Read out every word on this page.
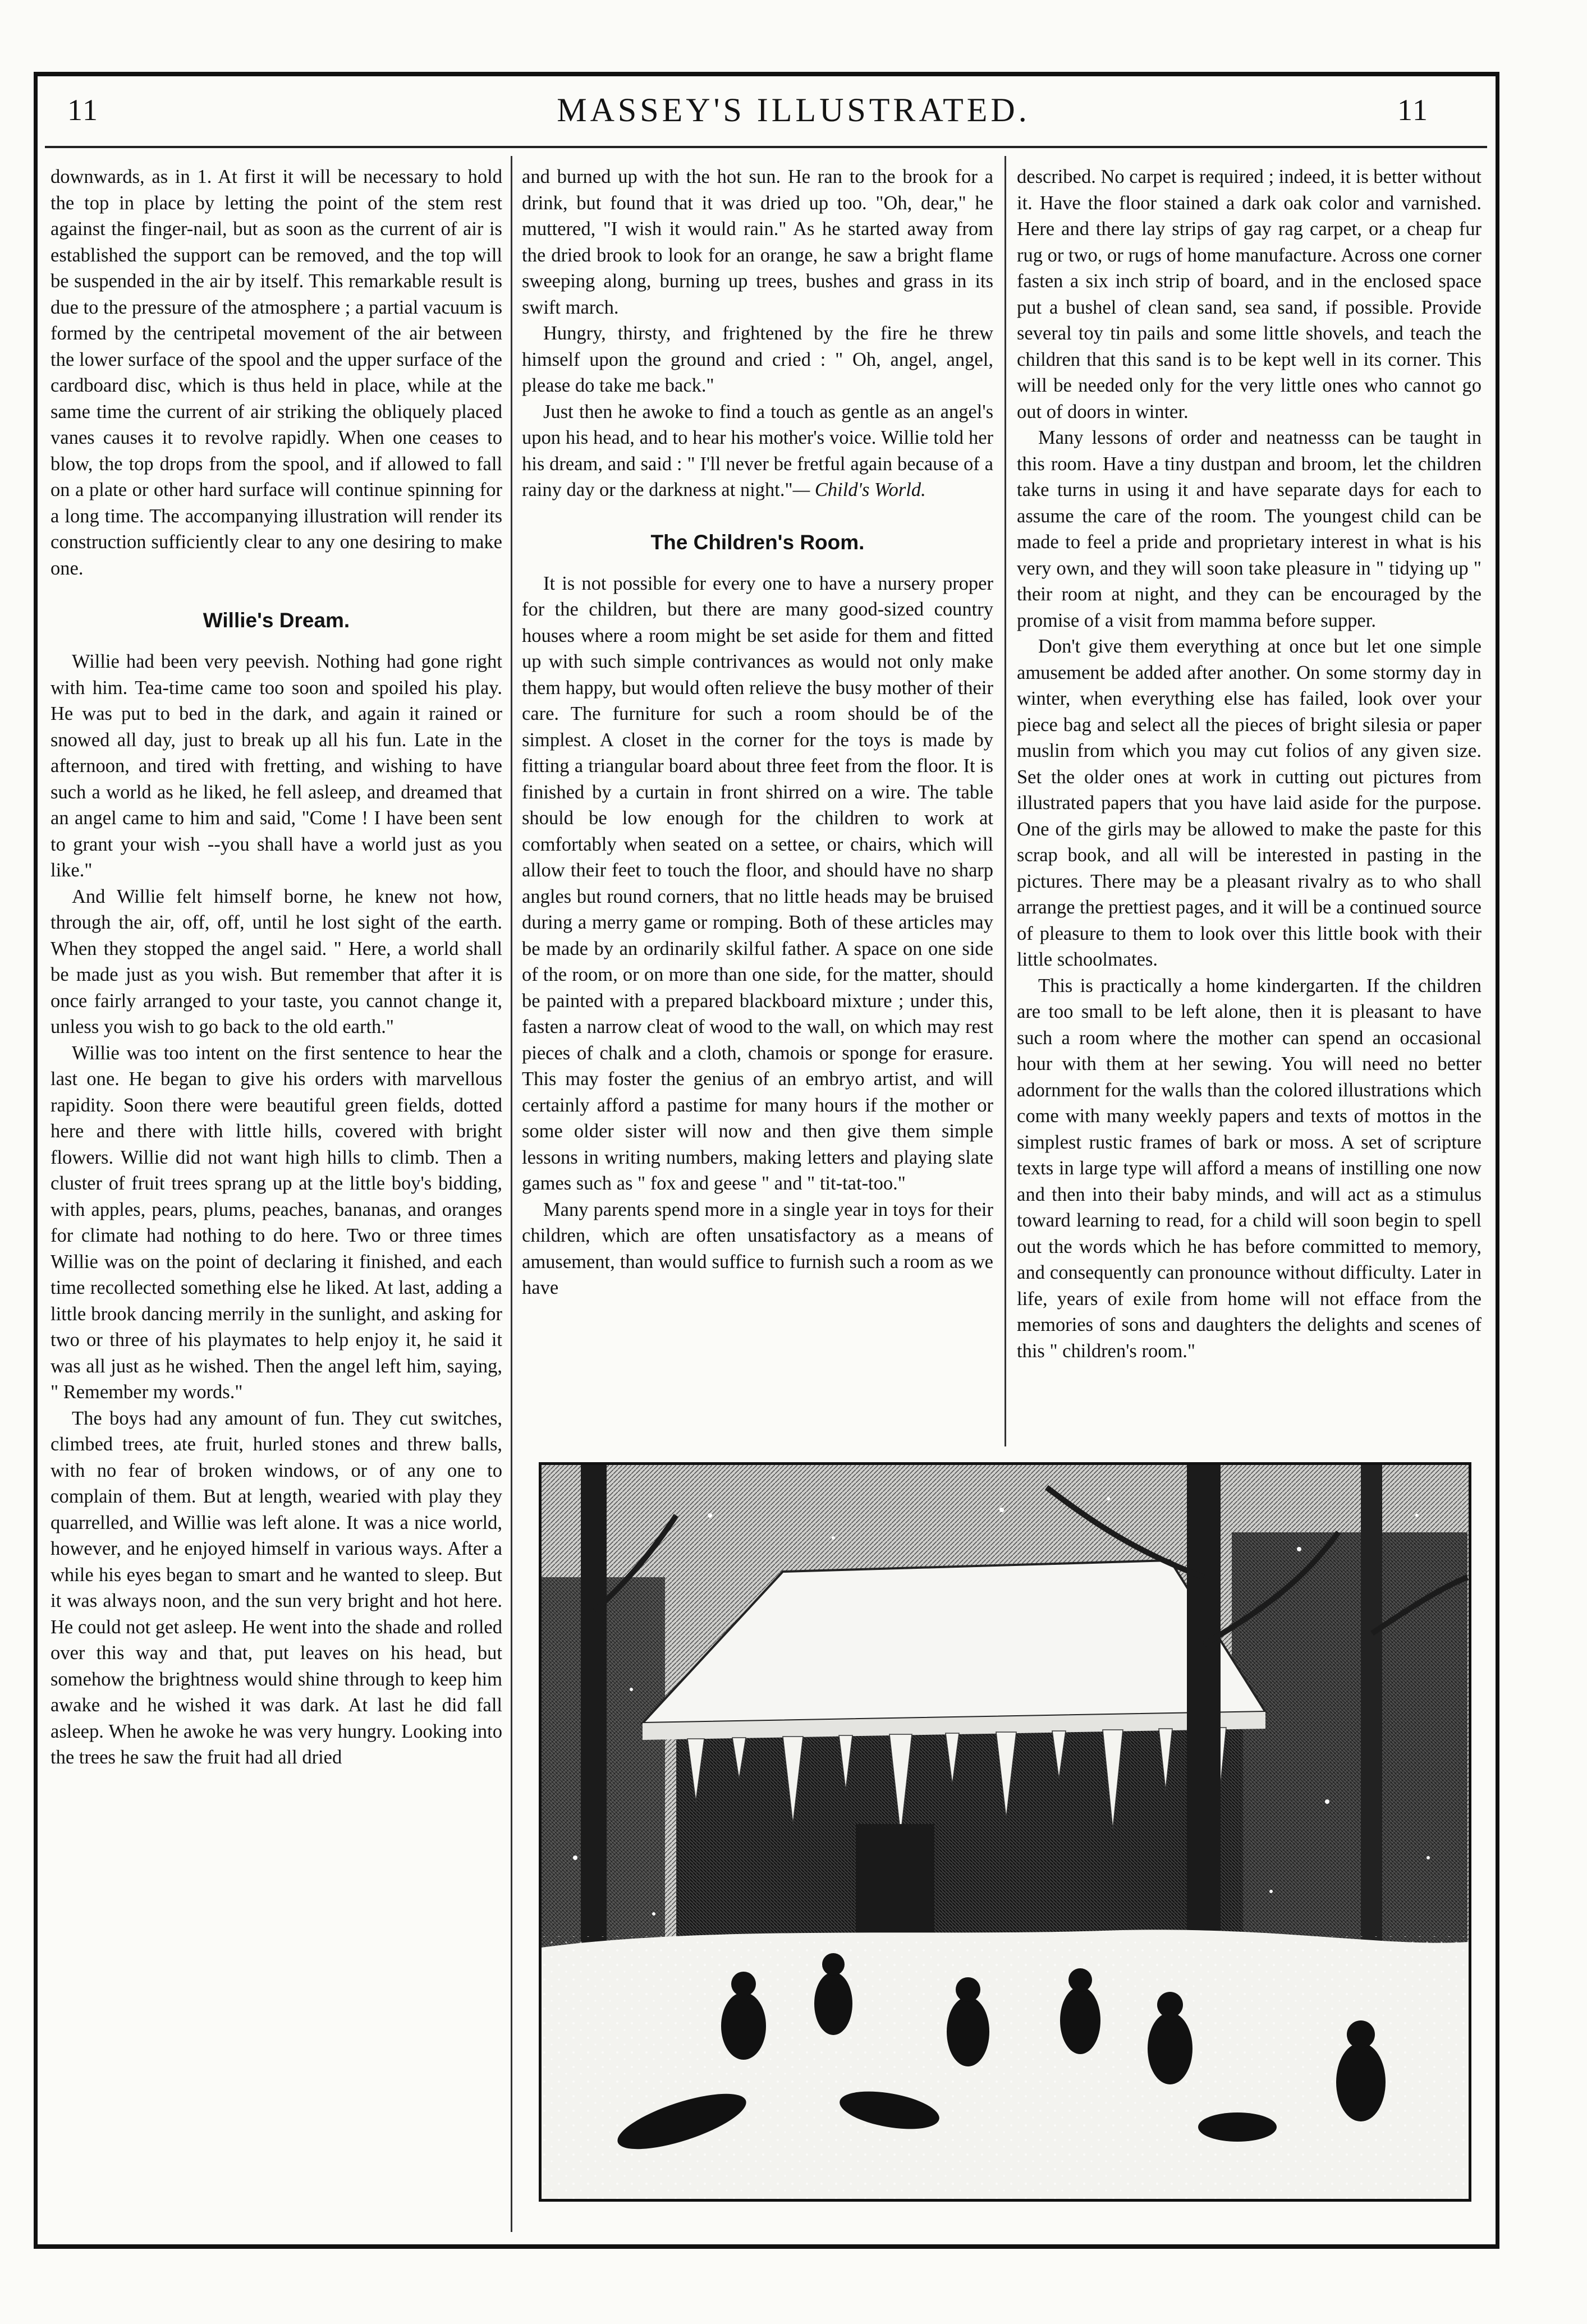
11	MASSEY'S ILLUSTRATED.	11

downwards, as in 1. At first it will be necessary to hold the top in place by letting the point of the stem rest against the finger-nail, but as soon as the current of air is established the support can be removed, and the top will be suspended in the air by itself. This remarkable result is due to the pressure of the atmosphere ; a partial vacuum is formed by the centripetal movement of the air between the lower surface of the spool and the upper surface of the cardboard disc, which is thus held in place, while at the same time the current of air striking the obliquely placed vanes causes it to revolve rapidly. When one ceases to blow, the top drops from the spool, and if allowed to fall on a plate or other hard surface will continue spinning for a long time. The accompanying illustration will render its construction sufficiently clear to any one desiring to make one.

Willie's Dream.

Willie had been very peevish. Nothing had gone right with him. Tea-time came too soon and spoiled his play. He was put to bed in the dark, and again it rained or snowed all day, just to break up all his fun. Late in the afternoon, and tired with fretting, and wishing to have such a world as he liked, he fell asleep, and dreamed that an angel came to him and said, "Come ! I have been sent to grant your wish --you shall have a world just as you like."

And Willie felt himself borne, he knew not how, through the air, off, off, until he lost sight of the earth. When they stopped the angel said. " Here, a world shall be made just as you wish. But remember that after it is once fairly arranged to your taste, you cannot change it, unless you wish to go back to the old earth."

Willie was too intent on the first sentence to hear the last one. He began to give his orders with marvellous rapidity. Soon there were beautiful green fields, dotted here and there with little hills, covered with bright flowers. Willie did not want high hills to climb. Then a cluster of fruit trees sprang up at the little boy's bidding, with apples, pears, plums, peaches, bananas, and oranges for climate had nothing to do here. Two or three times Willie was on the point of declaring it finished, and each time recollected something else he liked. At last, adding a little brook dancing merrily in the sunlight, and asking for two or three of his playmates to help enjoy it, he said it was all just as he wished. Then the angel left him, saying, " Remember my words."

The boys had any amount of fun. They cut switches, climbed trees, ate fruit, hurled stones and threw balls, with no fear of broken windows, or of any one to complain of them. But at length, wearied with play they quarrelled, and Willie was left alone. It was a nice world, however, and he enjoyed himself in various ways. After a while his eyes began to smart and he wanted to sleep. But it was always noon, and the sun very bright and hot here. He could not get asleep. He went into the shade and rolled over this way and that, put leaves on his head, but somehow the brightness would shine through to keep him awake and he wished it was dark. At last he did fall asleep. When he awoke he was very hungry. Looking into the trees he saw the fruit had all dried

and burned up with the hot sun. He ran to the brook for a drink, but found that it was dried up too. "Oh, dear," he muttered, "I wish it would rain." As he started away from the dried brook to look for an orange, he saw a bright flame sweeping along, burning up trees, bushes and grass in its swift march.

Hungry, thirsty, and frightened by the fire he threw himself upon the ground and cried : " Oh, angel, angel, please do take me back."

Just then he awoke to find a touch as gentle as an angel's upon his head, and to hear his mother's voice. Willie told her his dream, and said : " I'll never be fretful again because of a rainy day or the darkness at night."— Child's World.

The Children's Room.

It is not possible for every one to have a nursery proper for the children, but there are many good-sized country houses where a room might be set aside for them and fitted up with such simple contrivances as would not only make them happy, but would often relieve the busy mother of their care. The furniture for such a room should be of the simplest. A closet in the corner for the toys is made by fitting a triangular board about three feet from the floor. It is finished by a curtain in front shirred on a wire. The table should be low enough for the children to work at comfortably when seated on a settee, or chairs, which will allow their feet to touch the floor, and should have no sharp angles but round corners, that no little heads may be bruised during a merry game or romping. Both of these articles may be made by an ordinarily skilful father. A space on one side of the room, or on more than one side, for the matter, should be painted with a prepared blackboard mixture ; under this, fasten a narrow cleat of wood to the wall, on which may rest pieces of chalk and a cloth, chamois or sponge for erasure. This may foster the genius of an embryo artist, and will certainly afford a pastime for many hours if the mother or some older sister will now and then give them simple lessons in writing numbers, making letters and playing slate games such as " fox and geese " and " tit-tat-too."

Many parents spend more in a single year in toys for their children, which are often unsatisfactory as a means of amusement, than would suffice to furnish such a room as we have

described. No carpet is required ; indeed, it is better without it. Have the floor stained a dark oak color and varnished. Here and there lay strips of gay rag carpet, or a cheap fur rug or two, or rugs of home manufacture. Across one corner fasten a six inch strip of board, and in the enclosed space put a bushel of clean sand, sea sand, if possible. Provide several toy tin pails and some little shovels, and teach the children that this sand is to be kept well in its corner. This will be needed only for the very little ones who cannot go out of doors in winter.

Many lessons of order and neatnesss can be taught in this room. Have a tiny dustpan and broom, let the children take turns in using it and have separate days for each to assume the care of the room. The youngest child can be made to feel a pride and proprietary interest in what is his very own, and they will soon take pleasure in " tidying up " their room at night, and they can be encouraged by the promise of a visit from mamma before supper.

Don't give them everything at once but let one simple amusement be added after another. On some stormy day in winter, when everything else has failed, look over your piece bag and select all the pieces of bright silesia or paper muslin from which you may cut folios of any given size. Set the older ones at work in cutting out pictures from illustrated papers that you have laid aside for the purpose. One of the girls may be allowed to make the paste for this scrap book, and all will be interested in pasting in the pictures. There may be a pleasant rivalry as to who shall arrange the prettiest pages, and it will be a continued source of pleasure to them to look over this little book with their little schoolmates.

This is practically a home kindergarten. If the children are too small to be left alone, then it is pleasant to have such a room where the mother can spend an occasional hour with them at her sewing. You will need no better adornment for the walls than the colored illustrations which come with many weekly papers and texts of mottos in the simplest rustic frames of bark or moss. A set of scripture texts in large type will afford a means of instilling one now and then into their baby minds, and will act as a stimulus toward learning to read, for a child will soon begin to spell out the words which he has before committed to memory, and consequently can pronounce without difficulty. Later in life, years of exile from home will not efface from the memories of sons and daughters the delights and scenes of this " children's room."
